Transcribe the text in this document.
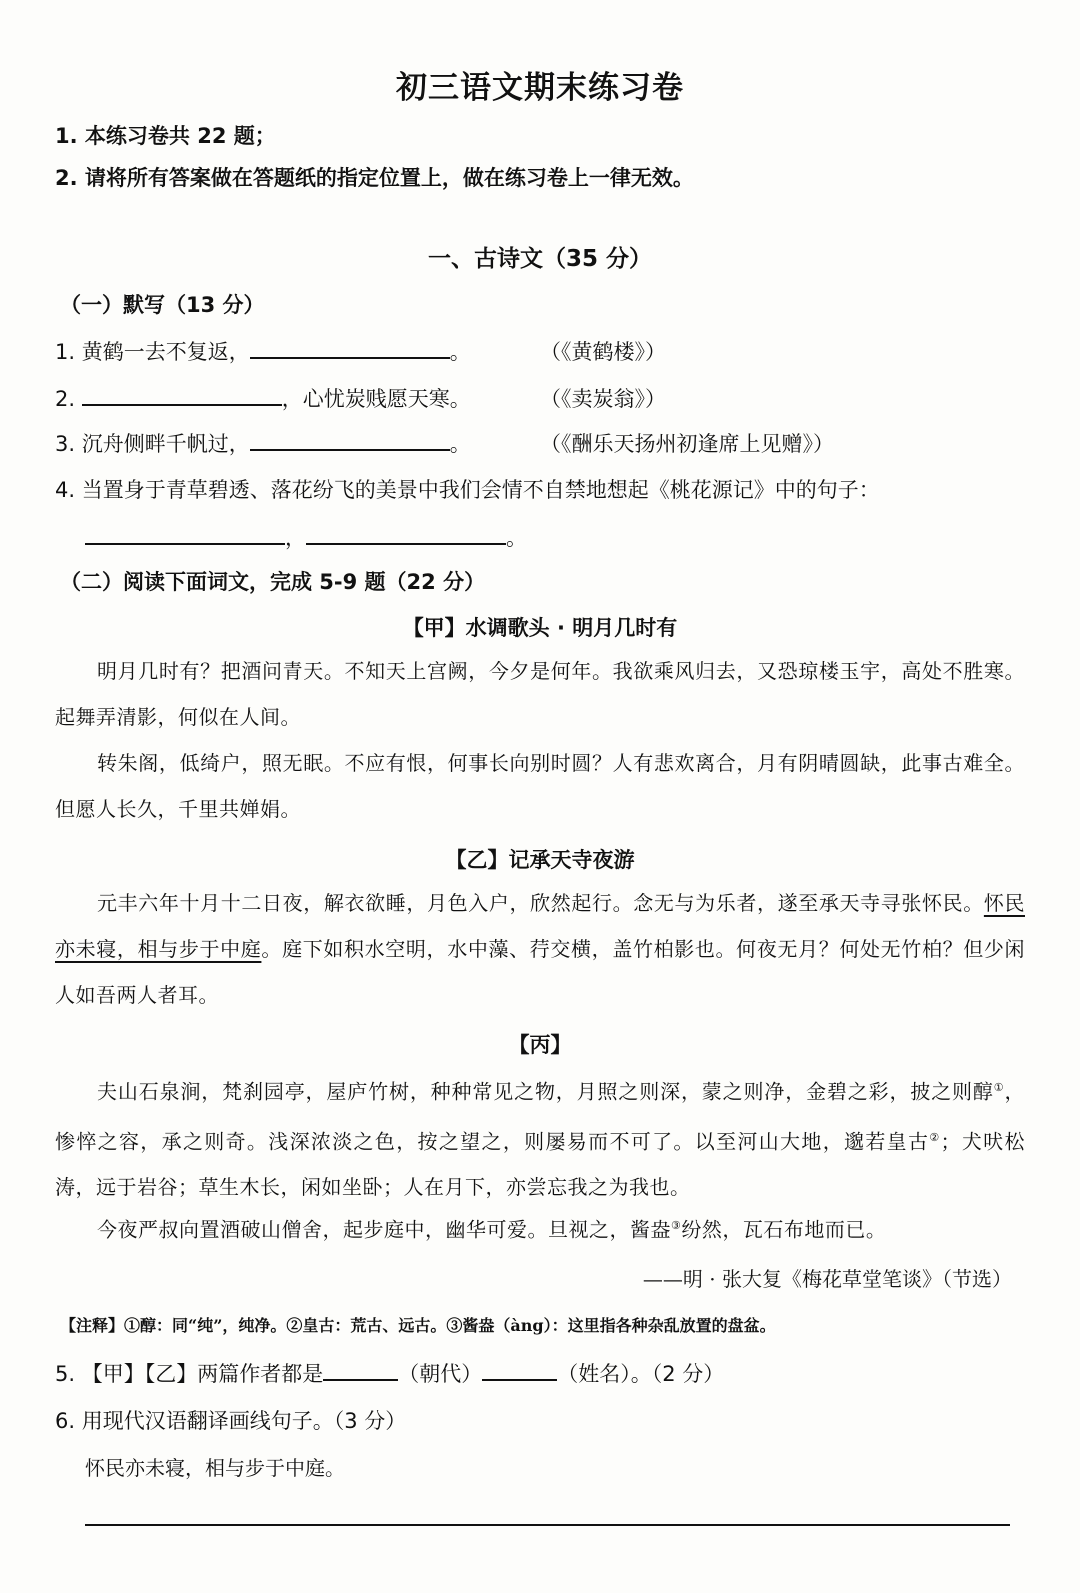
初三语文期末练习卷
1. 本练习卷共 22 题；
2. 请将所有答案做在答题纸的指定位置上，做在练习卷上一律无效。
一、古诗文（35 分）
（一）默写（13 分）
1. 黄鹤一去不复返，	。	（《黄鹤楼》）
2.	，心忧炭贱愿天寒。	（《卖炭翁》）
3. 沉舟侧畔千帆过，	。	（《酬乐天扬州初逢席上见赠》）
4. 当置身于青草碧透、落花纷飞的美景中我们会情不自禁地想起《桃花源记》中的句子：
，	。
（二）阅读下面词文，完成 5-9 题（22 分）
【甲】水调歌头 · 明月几时有
明月几时有？把酒问青天。不知天上宫阙，今夕是何年。我欲乘风归去，又恐琼楼玉宇，高处不胜寒。起舞弄清影，何似在人间。
转朱阁，低绮户，照无眠。不应有恨，何事长向别时圆？人有悲欢离合，月有阴晴圆缺，此事古难全。但愿人长久，千里共婵娟。
【乙】记承天寺夜游
元丰六年十月十二日夜，解衣欲睡，月色入户，欣然起行。念无与为乐者，遂至承天寺寻张怀民。怀民亦未寝，相与步于中庭。庭下如积水空明，水中藻、荇交横，盖竹柏影也。何夜无月？何处无竹柏？但少闲人如吾两人者耳。
【丙】
夫山石泉涧，梵刹园亭，屋庐竹树，种种常见之物，月照之则深，蒙之则净，金碧之彩，披之则醇①，惨悴之容，承之则奇。浅深浓淡之色，按之望之，则屡易而不可了。以至河山大地，邈若皇古②；犬吠松涛，远于岩谷；草生木长，闲如坐卧；人在月下，亦尝忘我之为我也。
今夜严叔向置酒破山僧舍，起步庭中，幽华可爱。旦视之，酱盎③纷然，瓦石布地而已。
——明 · 张大复《梅花草堂笔谈》（节选）
【注释】①醇：同“纯”，纯净。②皇古：荒古、远古。③酱盎（àng）：这里指各种杂乱放置的盘盆。
5. 【甲】【乙】两篇作者都是	（朝代）	（姓名）。（2 分）
6. 用现代汉语翻译画线句子。（3 分）
怀民亦未寝，相与步于中庭。
